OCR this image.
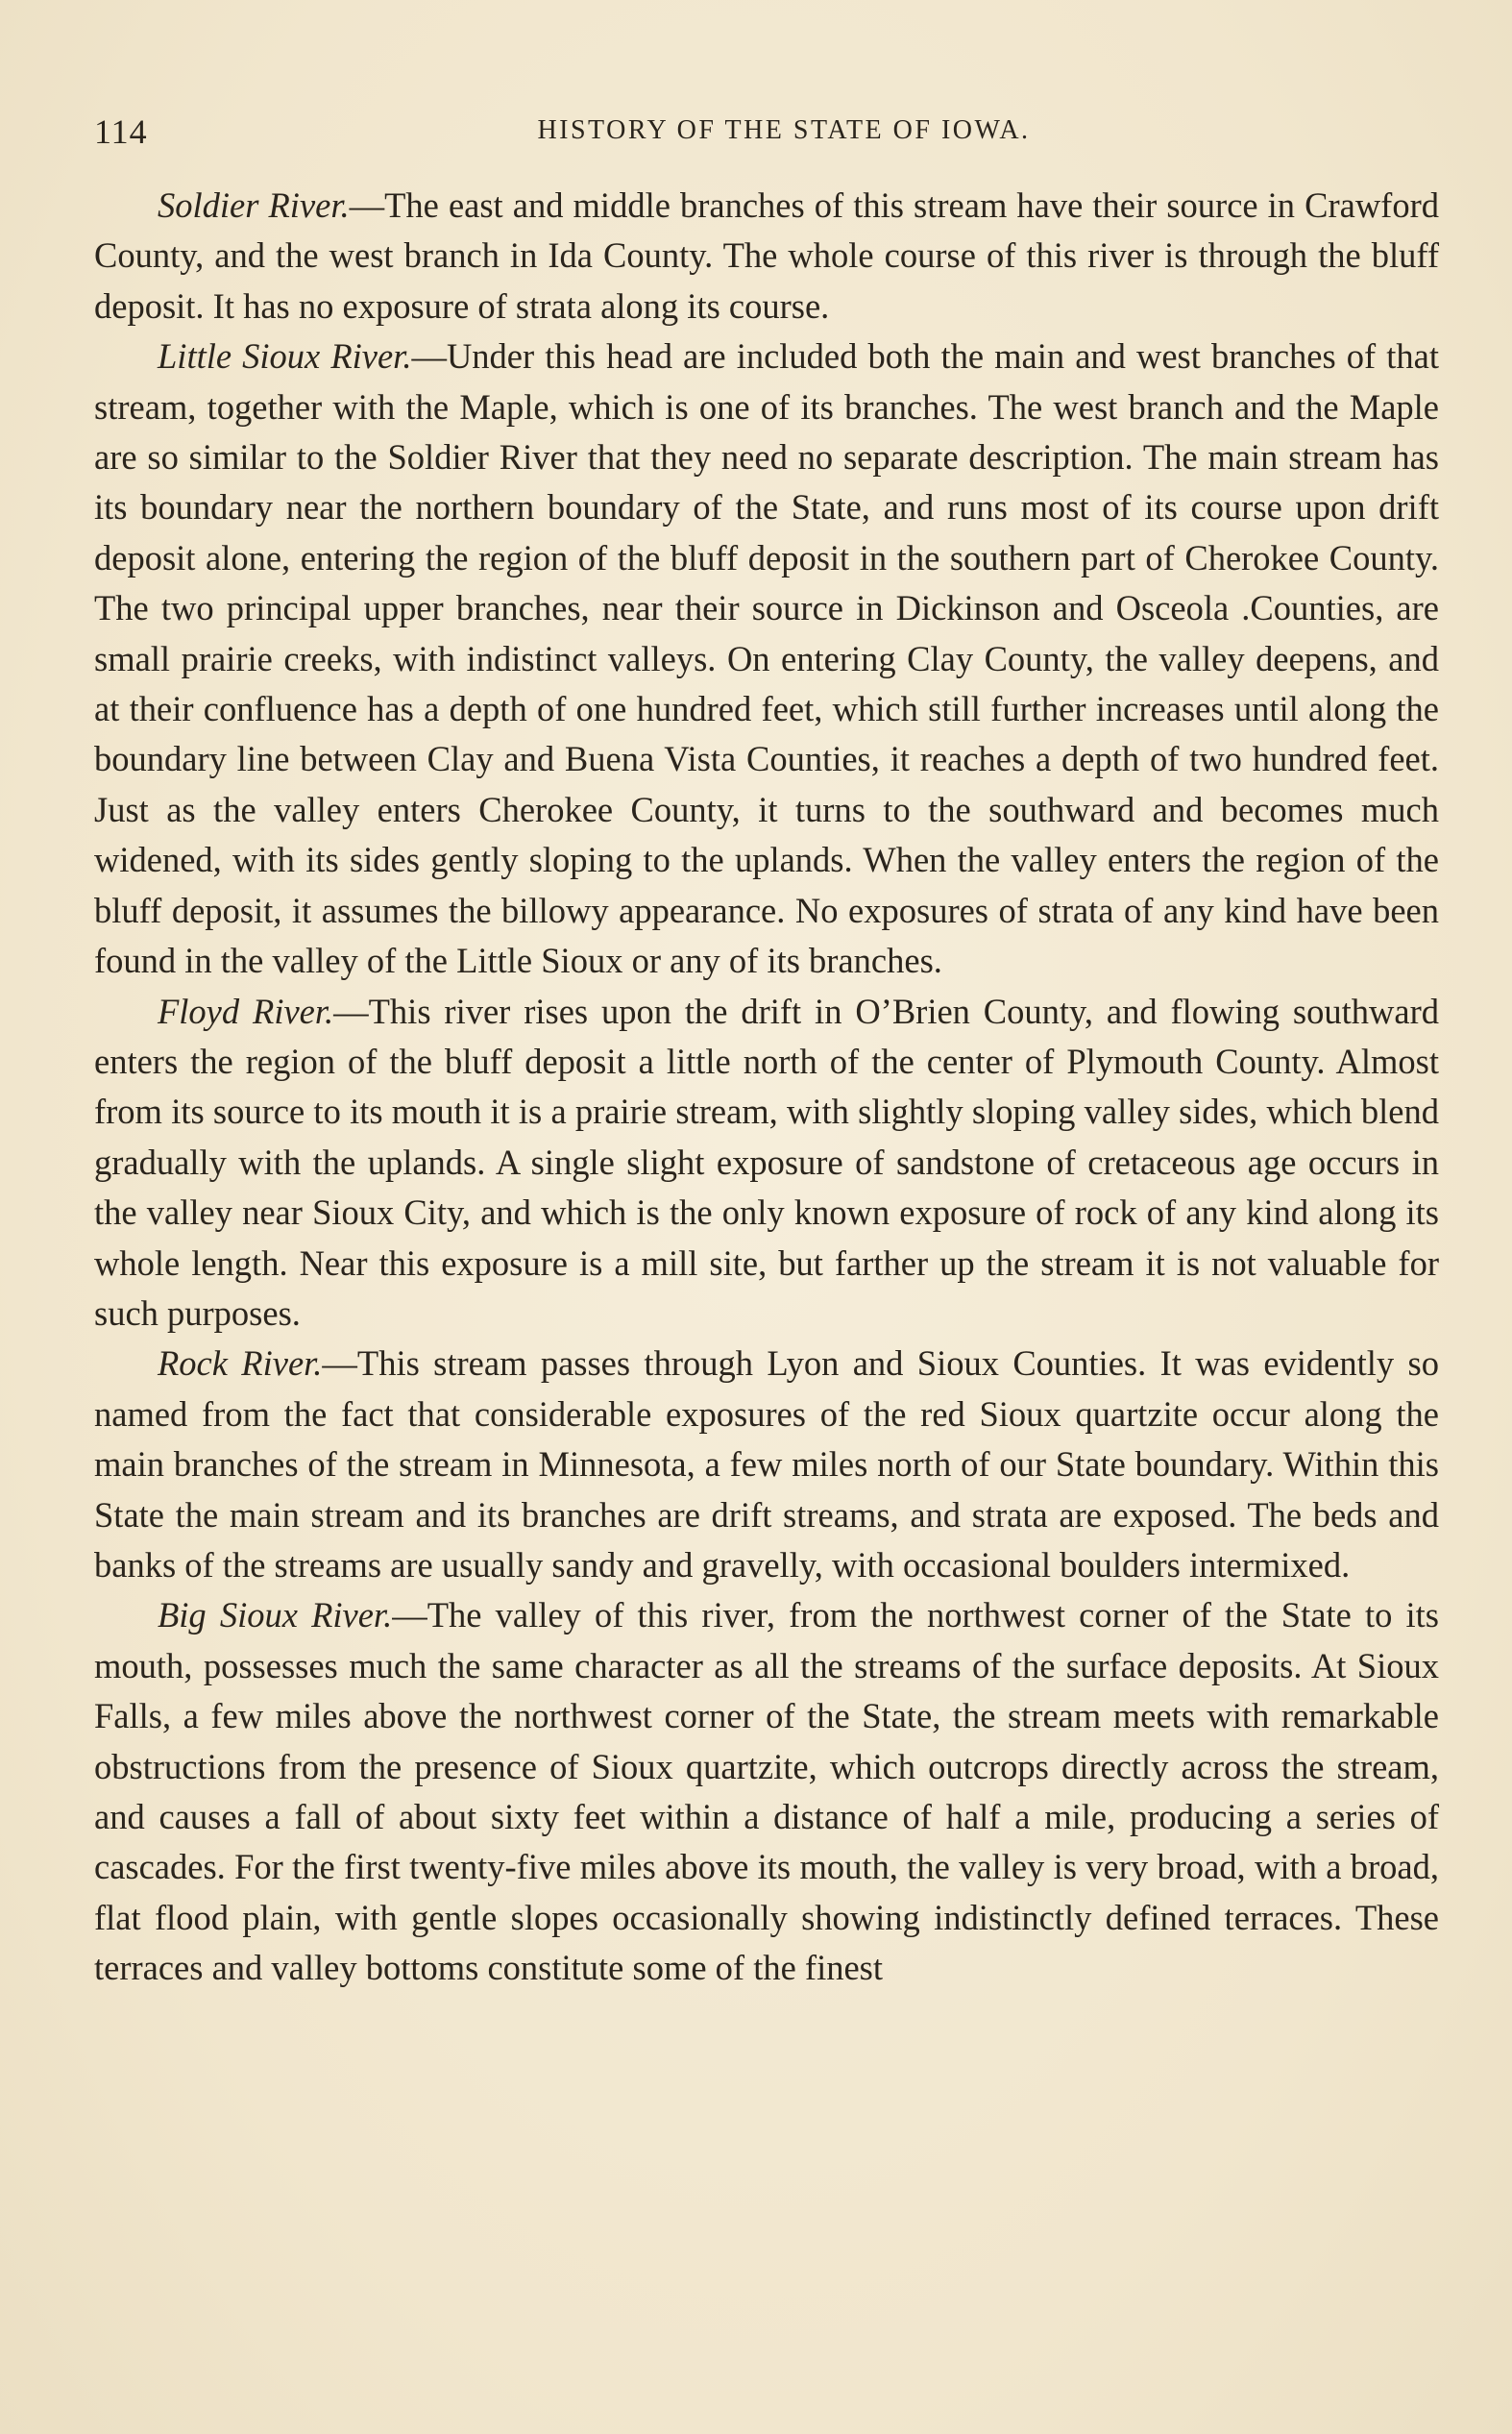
114	HISTORY OF THE STATE OF IOWA.

Soldier River.—The east and middle branches of this stream have their source in Crawford County, and the west branch in Ida County. The whole course of this river is through the bluff deposit. It has no exposure of strata along its course.

Little Sioux River.—Under this head are included both the main and west branches of that stream, together with the Maple, which is one of its branches. The west branch and the Maple are so similar to the Soldier River that they need no separate description. The main stream has its boundary near the northern boundary of the State, and runs most of its course upon drift deposit alone, entering the region of the bluff deposit in the southern part of Cherokee County. The two principal upper branches, near their source in Dickinson and Osceola .Counties, are small prairie creeks, with indistinct valleys. On entering Clay County, the valley deepens, and at their confluence has a depth of one hundred feet, which still further increases until along the boundary line between Clay and Buena Vista Counties, it reaches a depth of two hundred feet. Just as the valley enters Cherokee County, it turns to the southward and becomes much widened, with its sides gently sloping to the uplands. When the valley enters the region of the bluff deposit, it assumes the billowy appearance. No exposures of strata of any kind have been found in the valley of the Little Sioux or any of its branches.

Floyd River.—This river rises upon the drift in O’Brien County, and flowing southward enters the region of the bluff deposit a little north of the center of Plymouth County. Almost from its source to its mouth it is a prairie stream, with slightly sloping valley sides, which blend gradually with the uplands. A single slight exposure of sandstone of cretaceous age occurs in the valley near Sioux City, and which is the only known exposure of rock of any kind along its whole length. Near this exposure is a mill site, but farther up the stream it is not valuable for such purposes.

Rock River.—This stream passes through Lyon and Sioux Counties. It was evidently so named from the fact that considerable exposures of the red Sioux quartzite occur along the main branches of the stream in Minnesota, a few miles north of our State boundary. Within this State the main stream and its branches are drift streams, and strata are exposed. The beds and banks of the streams are usually sandy and gravelly, with occasional boulders intermixed.

Big Sioux River.—The valley of this river, from the northwest corner of the State to its mouth, possesses much the same character as all the streams of the surface deposits. At Sioux Falls, a few miles above the northwest corner of the State, the stream meets with remarkable obstructions from the presence of Sioux quartzite, which outcrops directly across the stream, and causes a fall of about sixty feet within a distance of half a mile, producing a series of cascades. For the first twenty-five miles above its mouth, the valley is very broad, with a broad, flat flood plain, with gentle slopes occasionally showing indistinctly defined terraces. These terraces and valley bottoms constitute some of the finest
